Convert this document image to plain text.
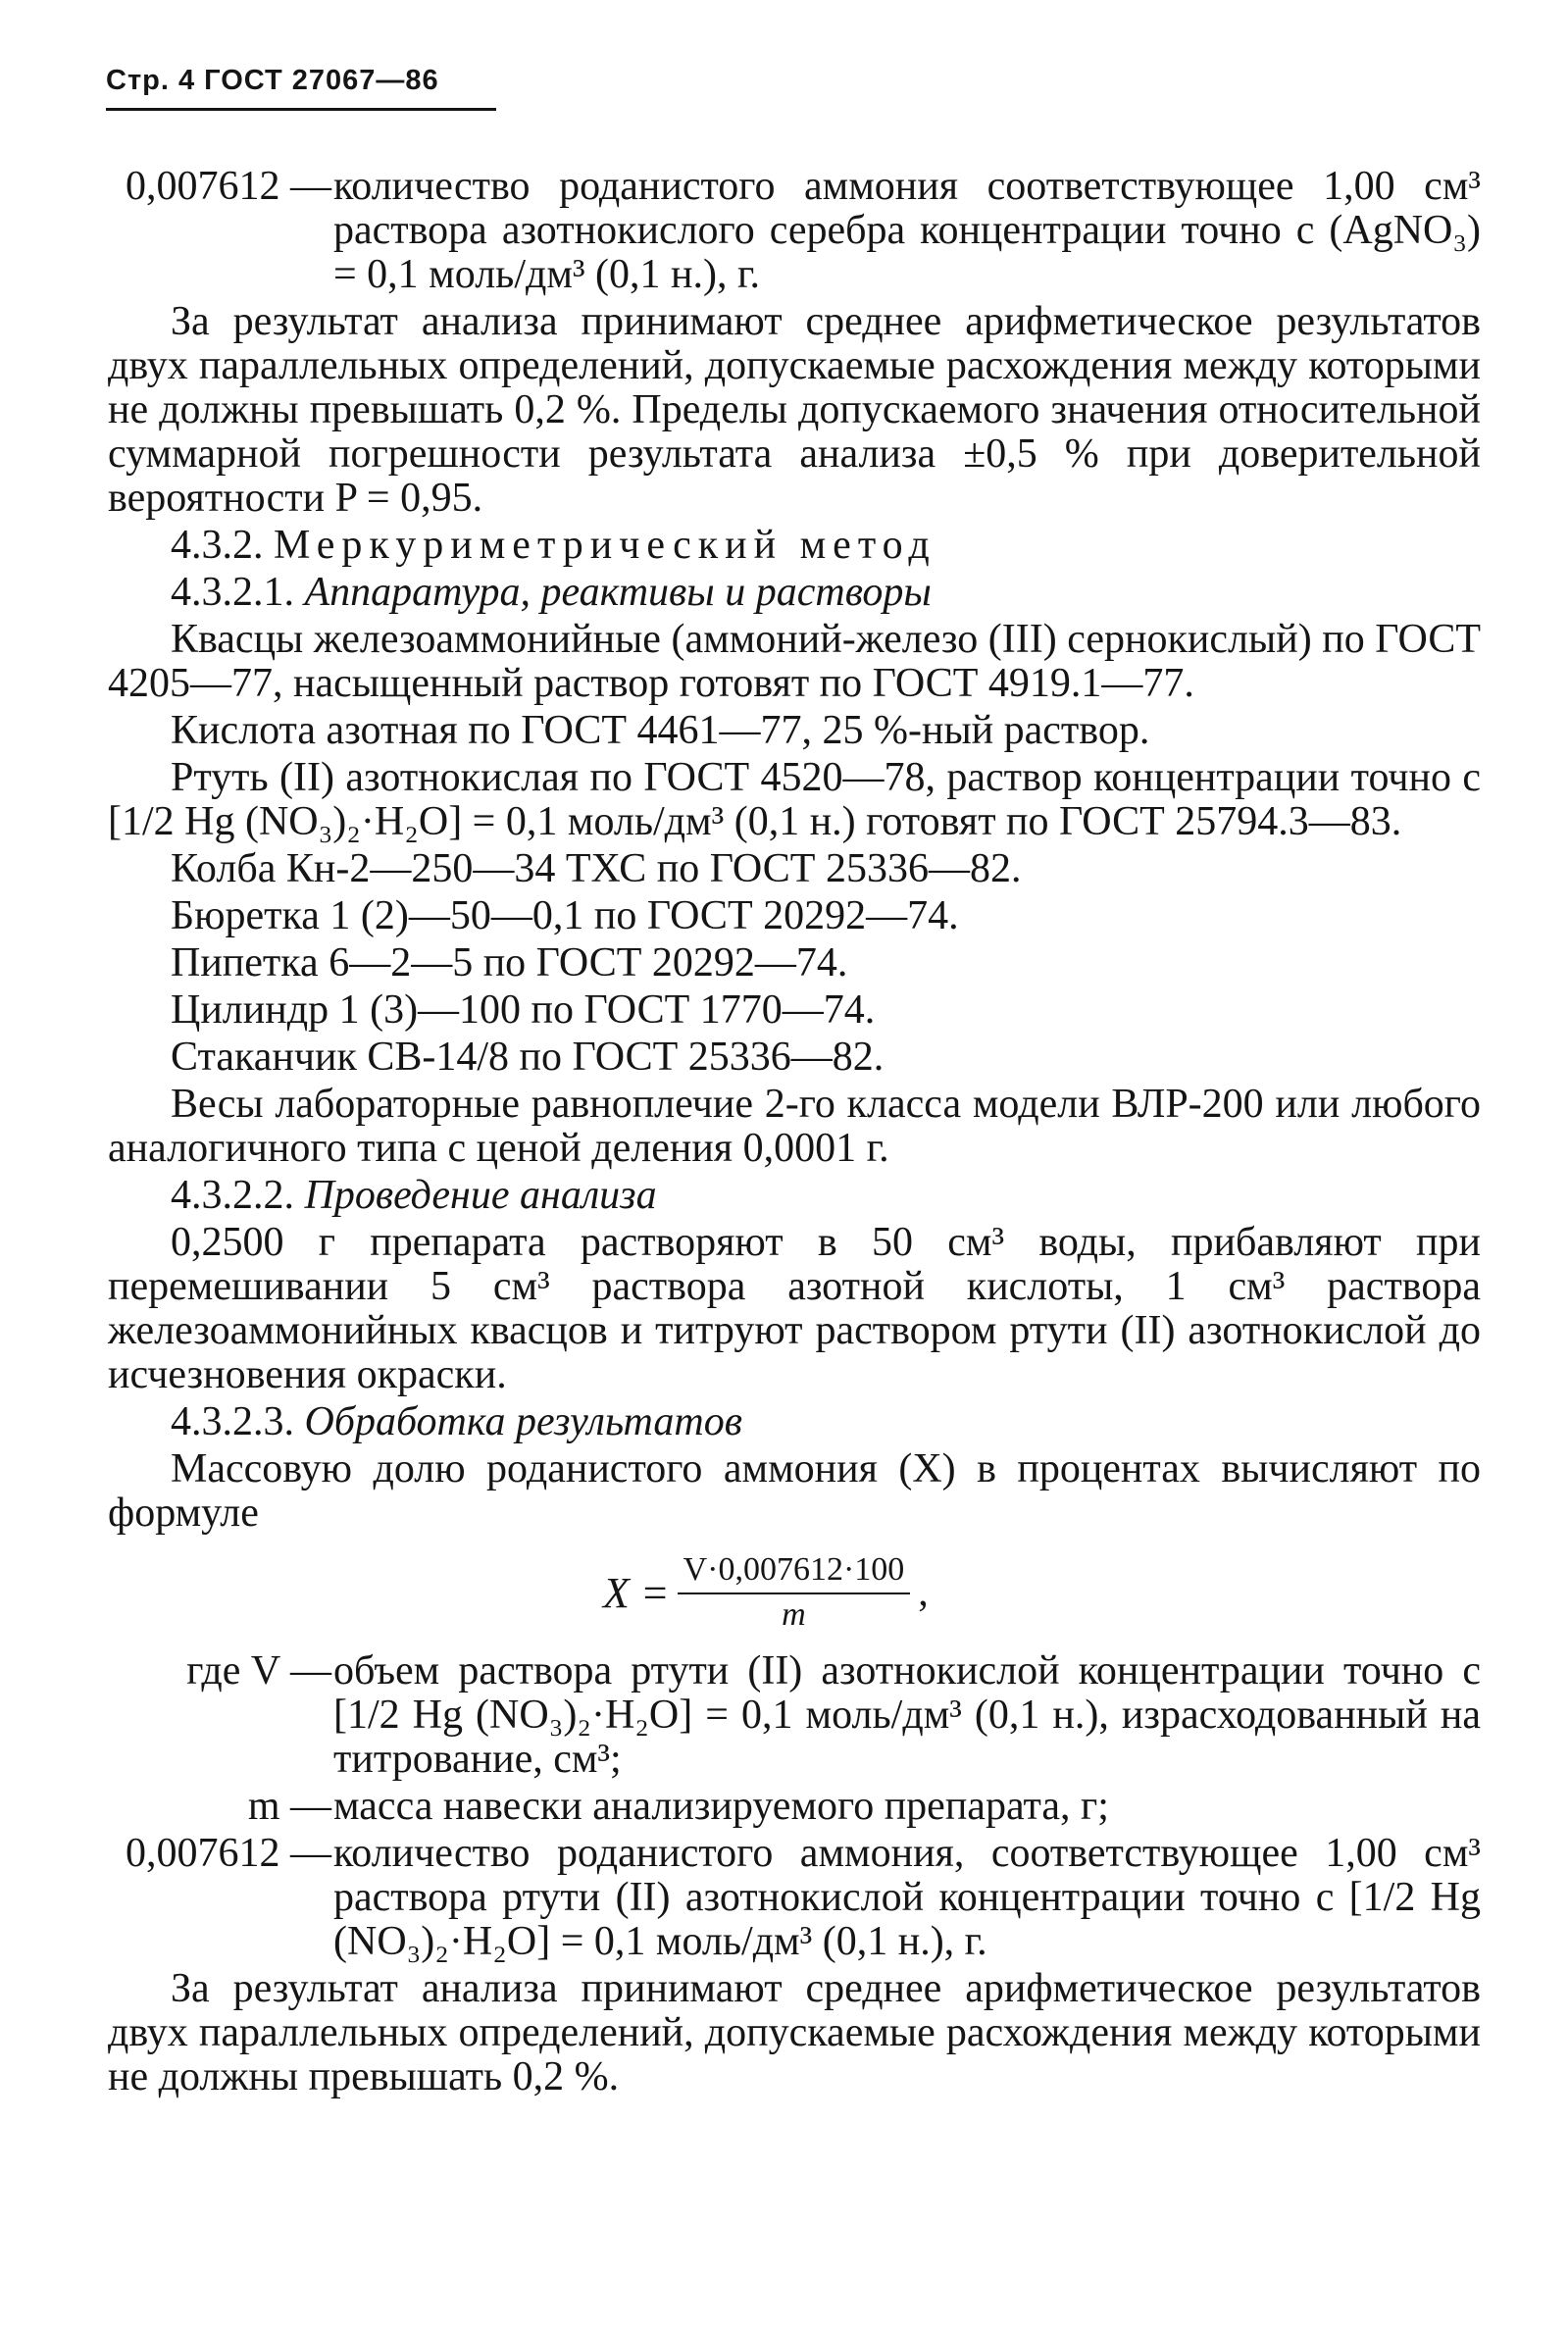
Стр. 4 ГОСТ 27067—86
0,007612 — количество роданистого аммония соответствующее 1,00 см³ раствора азотнокислого серебра концентрации точно с (AgNO₃) = 0,1 моль/дм³ (0,1 н.), г.
За результат анализа принимают среднее арифметическое результатов двух параллельных определений, допускаемые расхождения между которыми не должны превышать 0,2 %. Пределы допускаемого значения относительной суммарной погрешности результата анализа ±0,5 % при доверительной вероятности P = 0,95.
4.3.2. Меркуриметрический метод
4.3.2.1. Аппаратура, реактивы и растворы
Квасцы железоаммонийные (аммоний-железо (III) сернокислый) по ГОСТ 4205—77, насыщенный раствор готовят по ГОСТ 4919.1—77.
Кислота азотная по ГОСТ 4461—77, 25 %-ный раствор.
Ртуть (II) азотнокислая по ГОСТ 4520—78, раствор концентрации точно с [1/2 Hg (NO₃)₂·H₂O] = 0,1 моль/дм³ (0,1 н.) готовят по ГОСТ 25794.3—83.
Колба Кн-2—250—34 ТХС по ГОСТ 25336—82.
Бюретка 1 (2)—50—0,1 по ГОСТ 20292—74.
Пипетка 6—2—5 по ГОСТ 20292—74.
Цилиндр 1 (3)—100 по ГОСТ 1770—74.
Стаканчик СВ-14/8 по ГОСТ 25336—82.
Весы лабораторные равноплечие 2-го класса модели ВЛР-200 или любого аналогичного типа с ценой деления 0,0001 г.
4.3.2.2. Проведение анализа
0,2500 г препарата растворяют в 50 см³ воды, прибавляют при перемешивании 5 см³ раствора азотной кислоты, 1 см³ раствора железоаммонийных квасцов и титруют раствором ртути (II) азотнокислой до исчезновения окраски.
4.3.2.3. Обработка результатов
Массовую долю роданистого аммония (X) в процентах вычисляют по формуле
$X = \frac{V\cdot 0,007612\cdot 100}{m}$ ,
где V — объем раствора ртути (II) азотнокислой концентрации точно с [1/2 Hg (NO₃)₂·H₂O] = 0,1 моль/дм³ (0,1 н.), израсходованный на титрование, см³;
m — масса навески анализируемого препарата, г;
0,007612 — количество роданистого аммония, соответствующее 1,00 см³ раствора ртути (II) азотнокислой концентрации точно с [1/2 Hg (NO₃)₂·H₂O] = 0,1 моль/дм³ (0,1 н.), г.
За результат анализа принимают среднее арифметическое результатов двух параллельных определений, допускаемые расхождения между которыми не должны превышать 0,2 %.
